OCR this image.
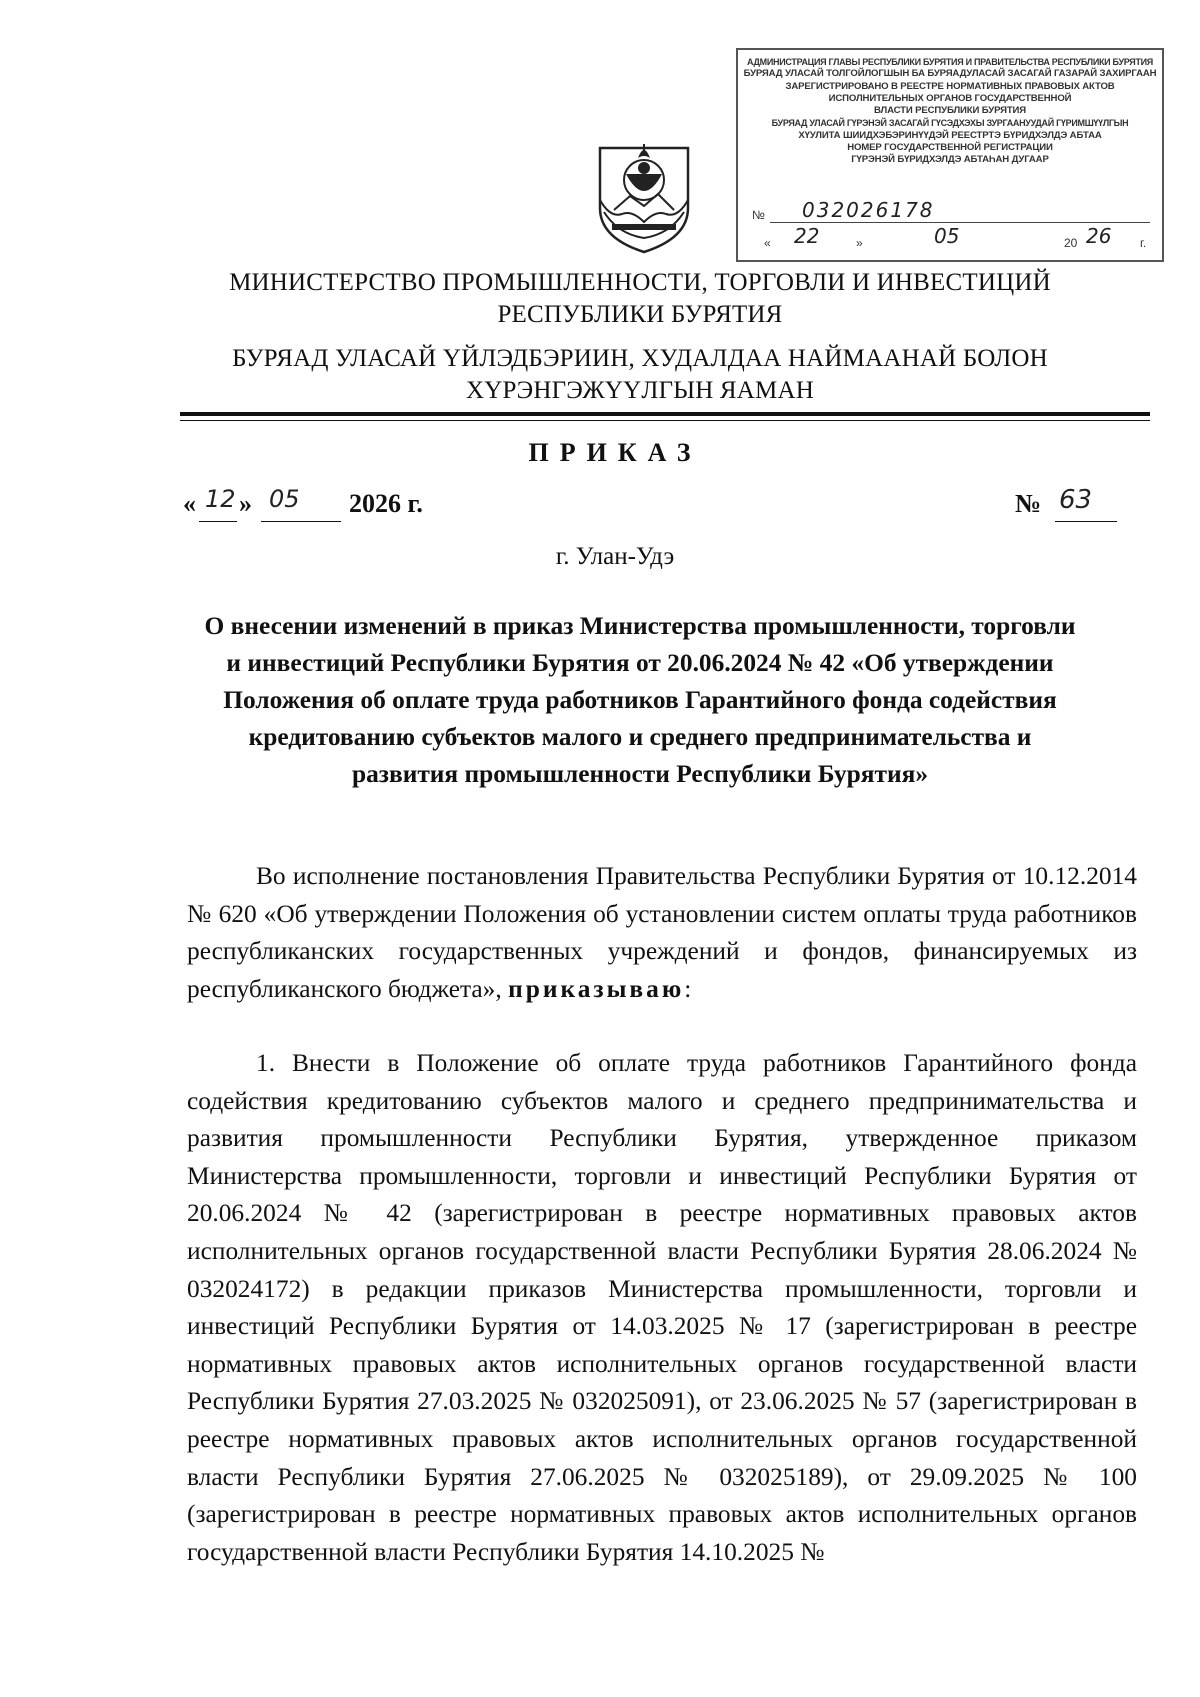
АДМИНИСТРАЦИЯ ГЛАВЫ РЕСПУБЛИКИ БУРЯТИЯ И ПРАВИТЕЛЬСТВА РЕСПУБЛИКИ БУРЯТИЯ
БУРЯАД УЛАСАЙ ТОЛГОЙЛОГШЫН БА БУРЯАДУЛАСАЙ ЗАСАГАЙ ГАЗАРАЙ ЗАХИРГААН
ЗАРЕГИСТРИРОВАНО В РЕЕСТРЕ НОРМАТИВНЫХ ПРАВОВЫХ АКТОВ
ИСПОЛНИТЕЛЬНЫХ ОРГАНОВ ГОСУДАРСТВЕННОЙ
ВЛАСТИ РЕСПУБЛИКИ БУРЯТИЯ
БУРЯАД УЛАСАЙ ГҮРЭНЭЙ ЗАСАГАЙ ГҮСЭДХЭХЫ ЗУРГААНУУДАЙ ГҮРИМШҮҮЛГЫН
ХҮУЛИТА ШИИДХЭБЭРИНҮҮДЭЙ РЕЕСТРТЭ БҮРИДХЭЛДЭ АБТАА
НОМЕР ГОСУДАРСТВЕННОЙ РЕГИСТРАЦИИ
ГҮРЭНЭЙ БҮРИДХЭЛДЭ АБТАҺАН ДУГААР
№ 032026178
« 22	»	05	20 26 г.
МИНИСТЕРСТВО ПРОМЫШЛЕННОСТИ, ТОРГОВЛИ И ИНВЕСТИЦИЙ
РЕСПУБЛИКИ БУРЯТИЯ
БУРЯАД УЛАСАЙ ҮЙЛЭДБЭРИИН, ХУДАЛДАА НАЙМААНАЙ БОЛОН
ХҮРЭНГЭЖҮҮЛГЫН ЯАМАН
ПРИКАЗ
« 12 » 05 2026 г.	№ 63
г. Улан-Удэ
О внесении изменений в приказ Министерства промышленности, торговли и инвестиций Республики Бурятия от 20.06.2024 № 42 «Об утверждении Положения об оплате труда работников Гарантийного фонда содействия кредитованию субъектов малого и среднего предпринимательства и развития промышленности Республики Бурятия»
Во исполнение постановления Правительства Республики Бурятия от 10.12.2014 № 620 «Об утверждении Положения об установлении систем оплаты труда работников республиканских государственных учреждений и фондов, финансируемых из республиканского бюджета», приказываю:
1. Внести в Положение об оплате труда работников Гарантийного фонда содействия кредитованию субъектов малого и среднего предпринимательства и развития промышленности Республики Бурятия, утвержденное приказом Министерства промышленности, торговли и инвестиций Республики Бурятия от 20.06.2024 № 42 (зарегистрирован в реестре нормативных правовых актов исполнительных органов государственной власти Республики Бурятия 28.06.2024 № 032024172) в редакции приказов Министерства промышленности, торговли и инвестиций Республики Бурятия от 14.03.2025 № 17 (зарегистрирован в реестре нормативных правовых актов исполнительных органов государственной власти Республики Бурятия 27.03.2025 № 032025091), от 23.06.2025 № 57 (зарегистрирован в реестре нормативных правовых актов исполнительных органов государственной власти Республики Бурятия 27.06.2025 № 032025189), от 29.09.2025 № 100 (зарегистрирован в реестре нормативных правовых актов исполнительных органов государственной власти Республики Бурятия 14.10.2025 №
